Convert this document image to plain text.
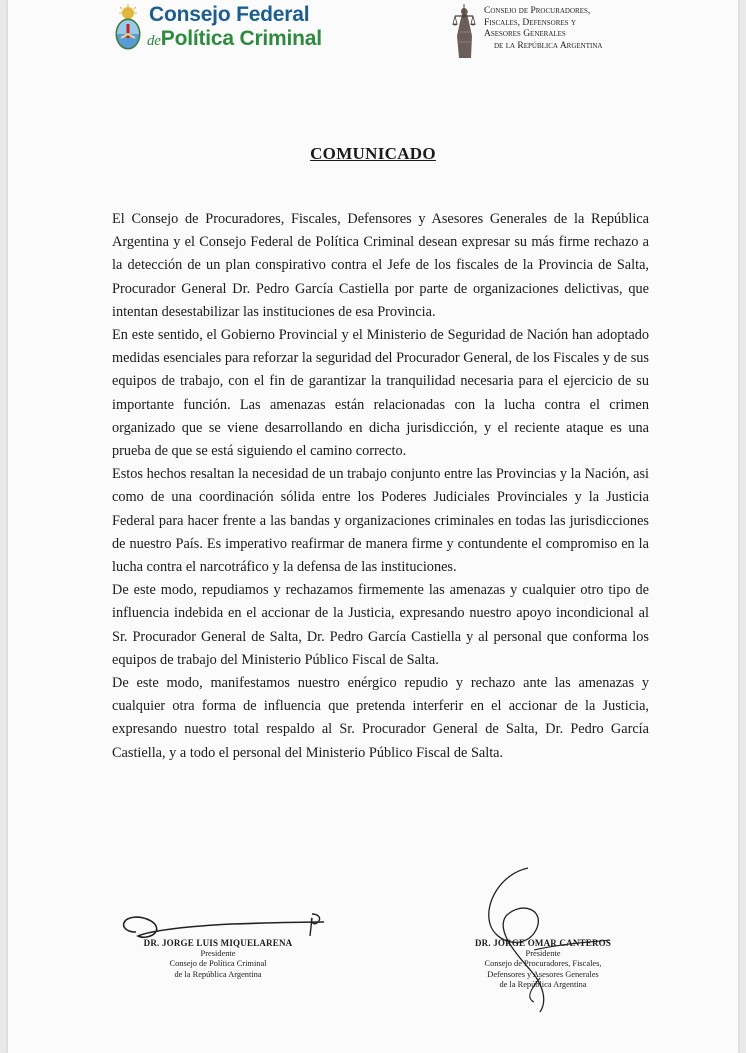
Consejo Federal
dePolítica Criminal
Consejo de Procuradores,
Fiscales, Defensores y
Asesores Generales
de la República Argentina
COMUNICADO

El Consejo de Procuradores, Fiscales, Defensores y Asesores Generales de la República Argentina y el Consejo Federal de Política Criminal desean expresar su más firme rechazo a la detección de un plan conspirativo contra el Jefe de los fiscales de la Provincia de Salta, Procurador General Dr. Pedro García Castiella por parte de organizaciones delictivas, que intentan desestabilizar las instituciones de esa Provincia.

En este sentido, el Gobierno Provincial y el Ministerio de Seguridad de Nación han adoptado medidas esenciales para reforzar la seguridad del Procurador General, de los Fiscales y de sus equipos de trabajo, con el fin de garantizar la tranquilidad necesaria para el ejercicio de su importante función. Las amenazas están relacionadas con la lucha contra el crimen organizado que se viene desarrollando en dicha jurisdicción, y el reciente ataque es una prueba de que se está siguiendo el camino correcto.

Estos hechos resaltan la necesidad de un trabajo conjunto entre las Provincias y la Nación, asi como de una coordinación sólida entre los Poderes Judiciales Provinciales y la Justicia Federal para hacer frente a las bandas y organizaciones criminales en todas las jurisdicciones de nuestro País. Es imperativo reafirmar de manera firme y contundente el compromiso en la lucha contra el narcotráfico y la defensa de las instituciones.

De este modo, repudiamos y rechazamos firmemente las amenazas y cualquier otro tipo de influencia indebida en el accionar de la Justicia, expresando nuestro apoyo incondicional al Sr. Procurador General de Salta, Dr. Pedro García Castiella y al personal que conforma los equipos de trabajo del Ministerio Público Fiscal de Salta.

De este modo, manifestamos nuestro enérgico repudio y rechazo ante las amenazas y cualquier otra forma de influencia que pretenda interferir en el accionar de la Justicia, expresando nuestro total respaldo al Sr. Procurador General de Salta, Dr. Pedro García Castiella, y a todo el personal del Ministerio Público Fiscal de Salta.

DR. JORGE LUIS MIQUELARENA
Presidente
Consejo de Política Criminal
de la República Argentina
DR. JORGE OMAR CANTEROS
Presidente
Consejo de Procuradores, Fiscales,
Defensores y Asesores Generales
de la República Argentina
